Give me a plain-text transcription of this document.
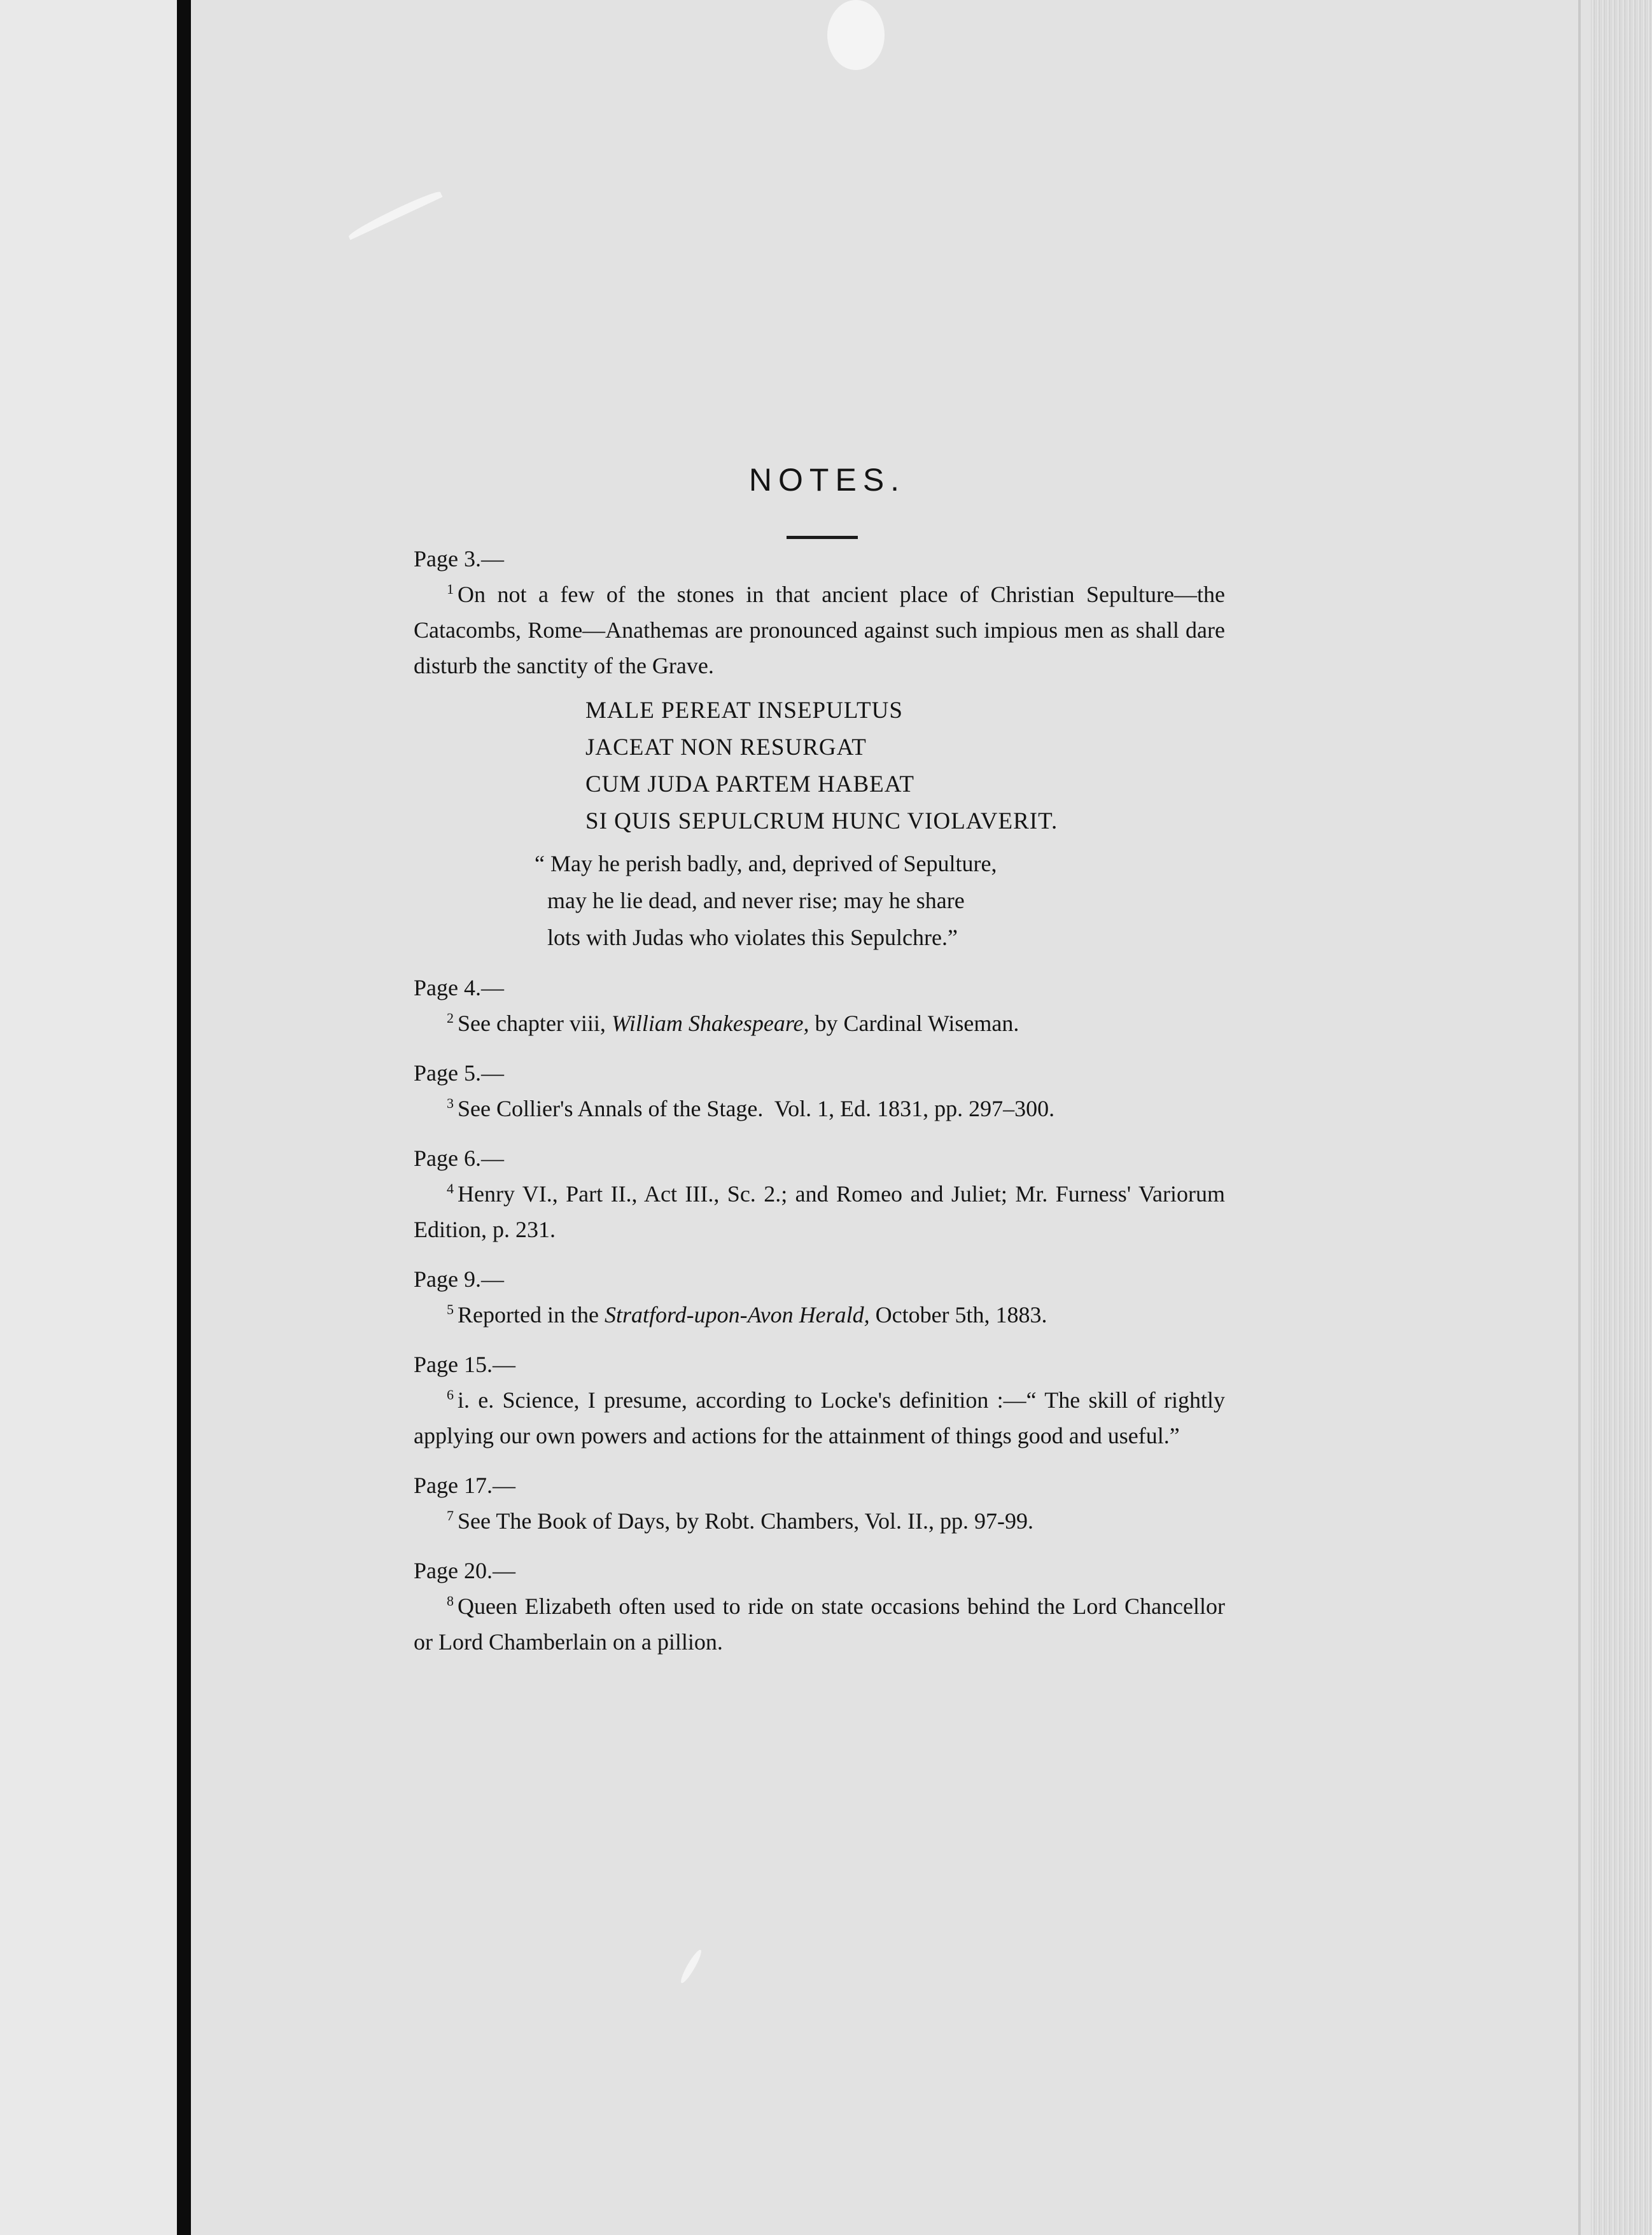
NOTES.

Page 3.—

$^1$ On not a few of the stones in that ancient place of Christian Sepulture—the Catacombs, Rome—Anathemas are pronounced against such impious men as shall dare disturb the sanctity of the Grave.

MALE PEREAT INSEPULTUS
JACEAT NON RESURGAT
CUM JUDA PARTEM HABEAT
SI QUIS SEPULCRUM HUNC VIOLAVERIT.
“ May he perish badly, and, deprived of Sepulture,
may he lie dead, and never rise; may he share
lots with Judas who violates this Sepulchre.”

Page 4.—

$^2$ See chapter viii, William Shakespeare, by Cardinal Wiseman.

Page 5.—

$^3$ See Collier's Annals of the Stage.  Vol. 1, Ed. 1831, pp. 297–300.

Page 6.—

$^4$ Henry VI., Part II., Act III., Sc. 2.; and Romeo and Juliet; Mr. Furness' Variorum Edition, p. 231.

Page 9.—

$^5$ Reported in the Stratford-upon-Avon Herald, October 5th, 1883.

Page 15.—

$^6$ i. e. Science, I presume, according to Locke's definition :—“ The skill of rightly applying our own powers and actions for the attainment of things good and useful.”

Page 17.—

$^7$ See The Book of Days, by Robt. Chambers, Vol. II., pp. 97-99.

Page 20.—

$^8$ Queen Elizabeth often used to ride on state occasions behind the Lord Chancellor or Lord Chamberlain on a pillion.
